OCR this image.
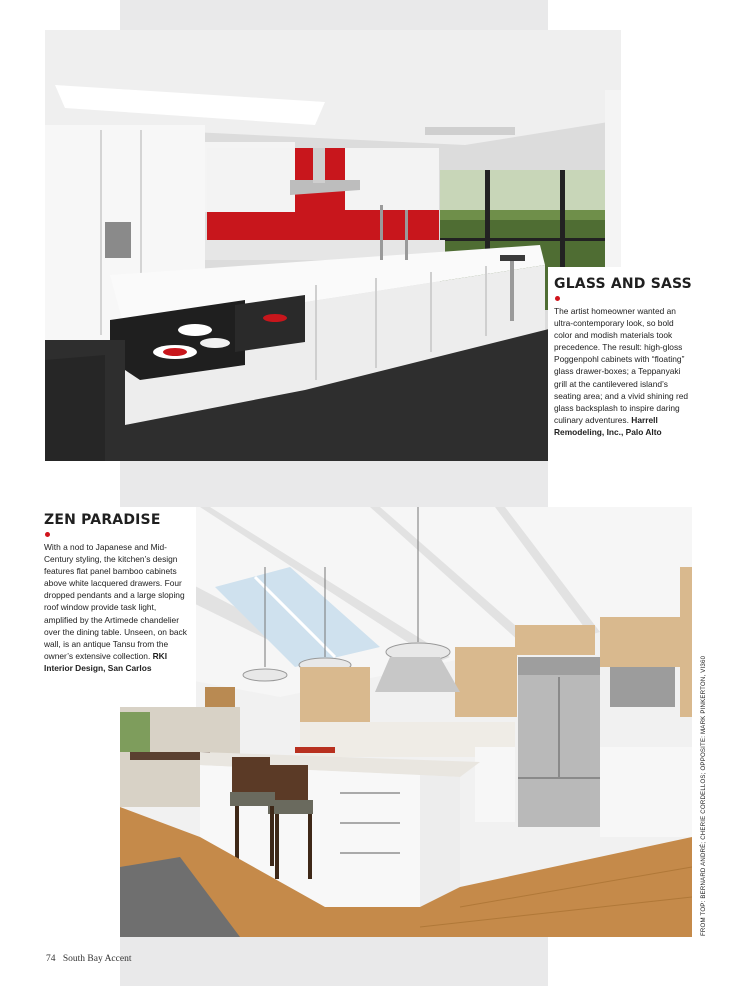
GLASS AND SASS
The artist homeowner wanted an ultra-contemporary look, so bold color and modish materials took precedence. The result: high-gloss Poggenpohl cabinets with “floating” glass drawer-boxes; a Teppanyaki grill at the cantilevered island’s seating area; and a vivid shining red glass backsplash to inspire daring culinary adventures. Harrell Remodeling, Inc., Palo Alto
ZEN PARADISE
With a nod to Japanese and Mid-Century styling, the kitchen’s design features flat panel bamboo cabinets above white lacquered drawers. Four dropped pendants and a large sloping roof window provide task light, amplified by the Artimede chandelier over the dining table. Unseen, on back wall, is an antique Tansu from the owner’s extensive collection. RKI Interior Design, San Carlos	FROM TOP: BERNARD ANDRÉ; CHERIE CORDELLOS; OPPOSITE: MARK PINKERTON, VI360
74 South Bay Accent
